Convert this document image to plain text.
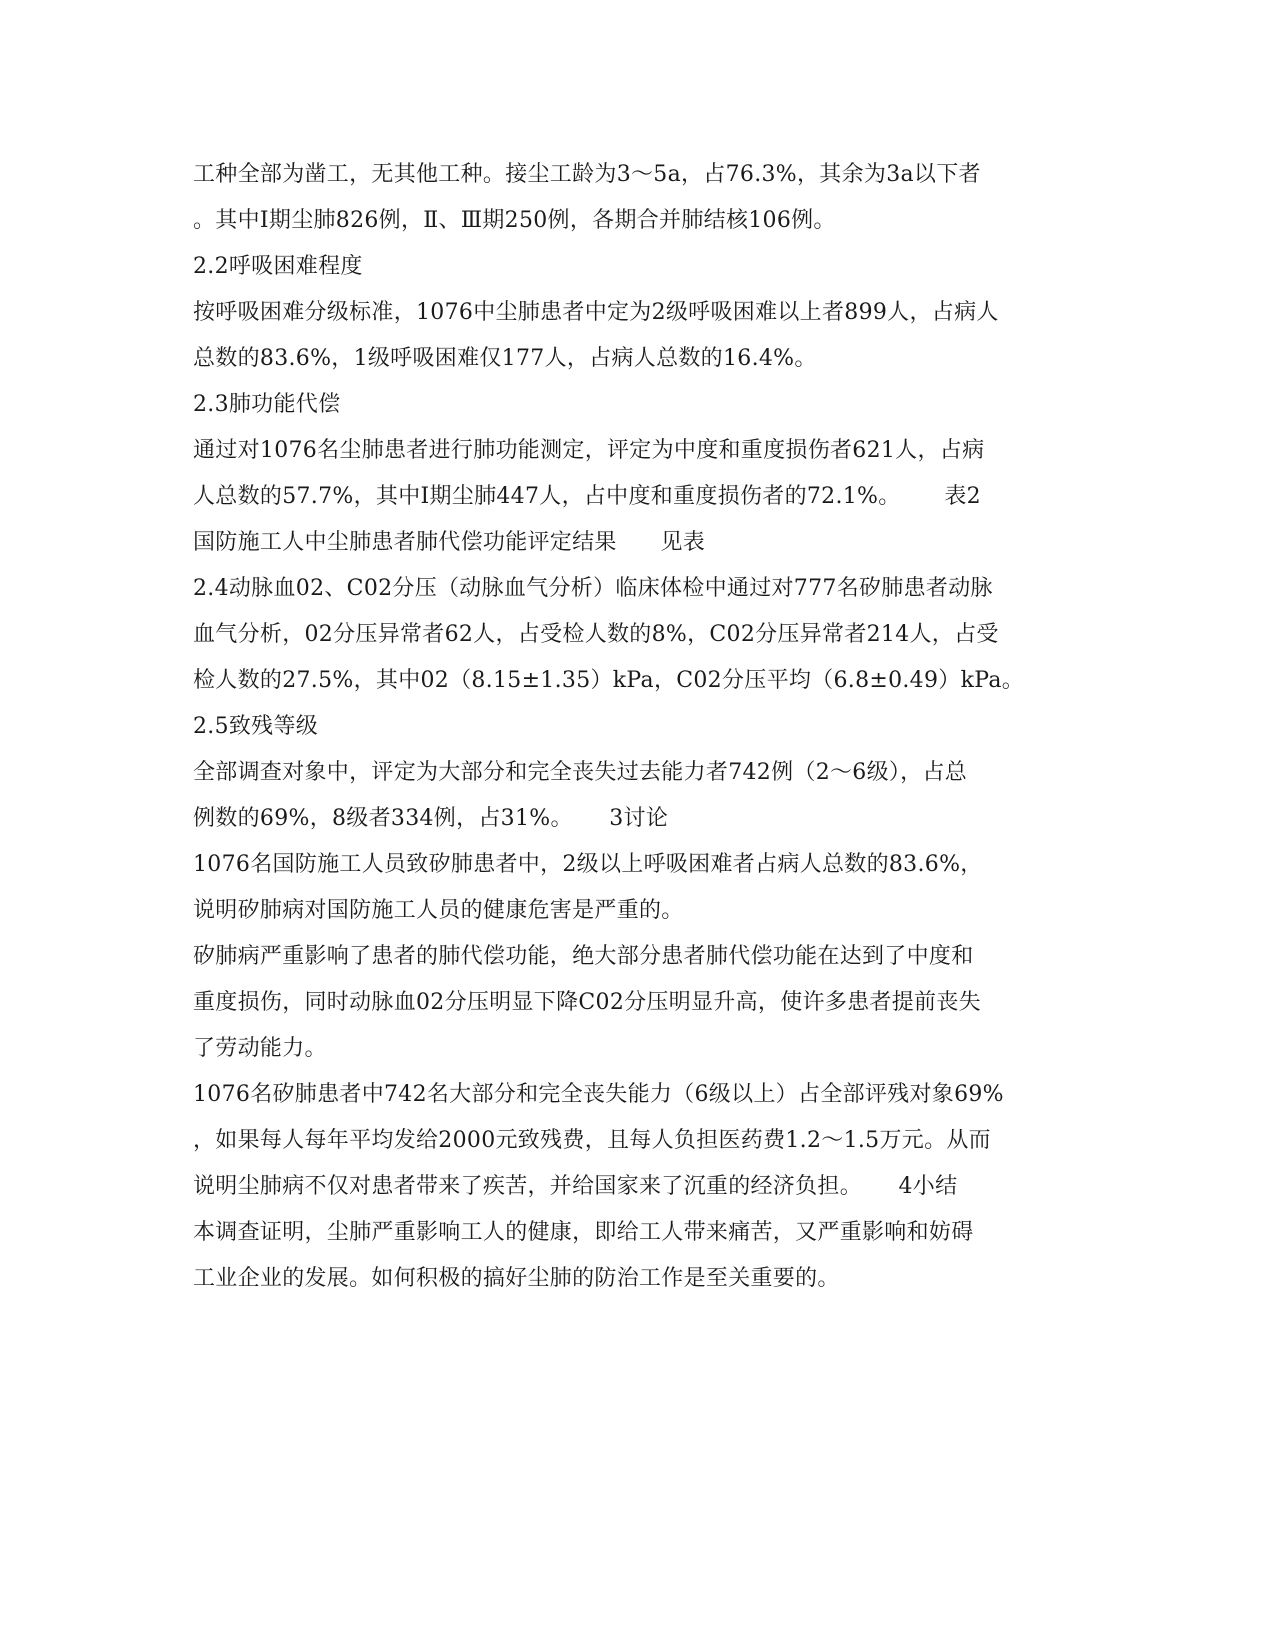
工种全部为凿工，无其他工种。接尘工龄为3～5a，占76.3%，其余为3a以下者
。其中Ⅰ期尘肺826例，Ⅱ、Ⅲ期250例，各期合并肺结核106例。
2.2呼吸困难程度
按呼吸困难分级标准，1076中尘肺患者中定为2级呼吸困难以上者899人，占病人
总数的83.6%，1级呼吸困难仅177人，占病人总数的16.4%。
2.3肺功能代偿
通过对1076名尘肺患者进行肺功能测定，评定为中度和重度损伤者621人，占病
人总数的57.7%，其中Ⅰ期尘肺447人，占中度和重度损伤者的72.1%。      表2
国防施工人中尘肺患者肺代偿功能评定结果      见表
2.4动脉血02、C02分压（动脉血气分析）临床体检中通过对777名矽肺患者动脉
血气分析，02分压异常者62人，占受检人数的8%，C02分压异常者214人，占受
检人数的27.5%，其中02（8.15±1.35）kPa，C02分压平均（6.8±0.49）kPa。
2.5致残等级
全部调查对象中，评定为大部分和完全丧失过去能力者742例（2～6级），占总
例数的69%，8级者334例，占31%。     3讨论
1076名国防施工人员致矽肺患者中，2级以上呼吸困难者占病人总数的83.6%，
说明矽肺病对国防施工人员的健康危害是严重的。
矽肺病严重影响了患者的肺代偿功能，绝大部分患者肺代偿功能在达到了中度和
重度损伤，同时动脉血02分压明显下降C02分压明显升高，使许多患者提前丧失
了劳动能力。
1076名矽肺患者中742名大部分和完全丧失能力（6级以上）占全部评残对象69%
，如果每人每年平均发给2000元致残费，且每人负担医药费1.2～1.5万元。从而
说明尘肺病不仅对患者带来了疾苦，并给国家来了沉重的经济负担。     4小结
本调查证明，尘肺严重影响工人的健康，即给工人带来痛苦，又严重影响和妨碍
工业企业的发展。如何积极的搞好尘肺的防治工作是至关重要的。
